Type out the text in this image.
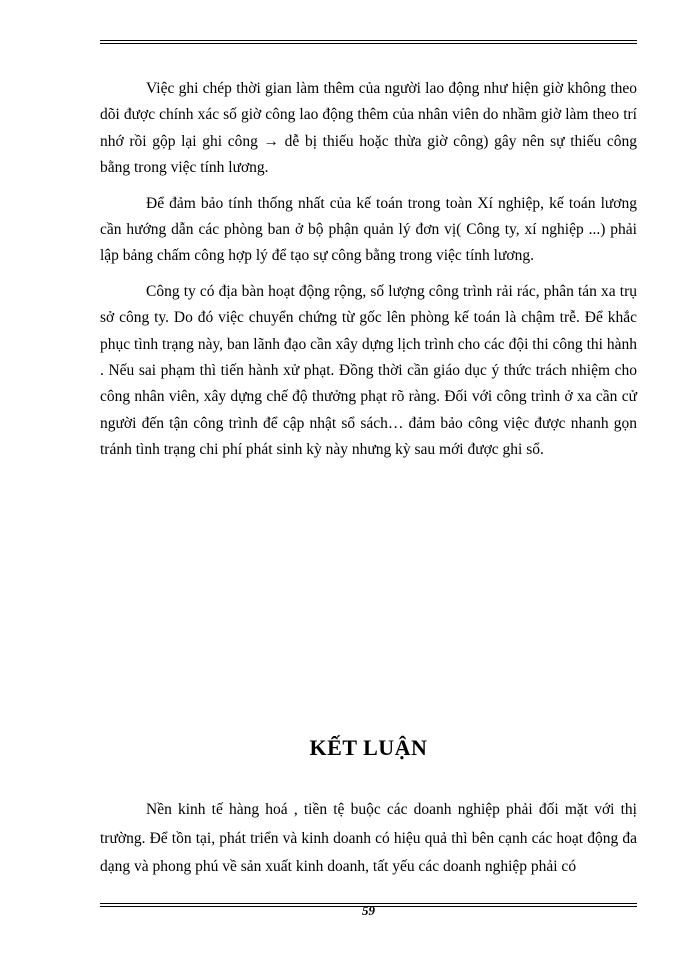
Việc ghi chép thời gian làm thêm của người lao động như hiện giờ không theo dõi được chính xác số giờ công lao động thêm của nhân viên do nhầm giờ làm theo trí nhớ rồi gộp lại ghi công → dễ bị thiếu hoặc thừa giờ công) gây nên sự thiếu công bằng trong việc tính lương.

Để đảm bảo tính thống nhất của kế toán trong toàn Xí nghiệp, kế toán lương cần hướng dẫn các phòng ban ở bộ phận quản lý đơn vị( Công ty, xí nghiệp ...) phải lập bảng chấm công hợp lý để tạo sự công bằng trong việc tính lương.

Công ty có địa bàn hoạt động rộng, số lượng công trình rải rác, phân tán xa trụ sở công ty. Do đó việc chuyển chứng từ gốc lên phòng kế toán là chậm trễ. Để khắc phục tình trạng này, ban lãnh đạo cần xây dựng lịch trình cho các đội thi công thi hành . Nếu sai phạm thì tiến hành xử phạt. Đồng thời cần giáo dục ý thức trách nhiệm cho công nhân viên, xây dựng chế độ thưởng phạt rõ ràng. Đối với công trình ở xa cần cử người đến tận công trình để cập nhật sổ sách… đảm bảo công việc được nhanh gọn tránh tình trạng chi phí phát sinh kỳ này nhưng kỳ sau mới được ghi sổ.

KẾT LUẬN

Nền kinh tế hàng hoá , tiền tệ buộc các doanh nghiệp phải đối mặt với thị trường. Để tồn tại, phát triển và kinh doanh có hiệu quả thì bên cạnh các hoạt động đa dạng và phong phú về sản xuất kinh doanh, tất yếu các doanh nghiệp phải có

59
